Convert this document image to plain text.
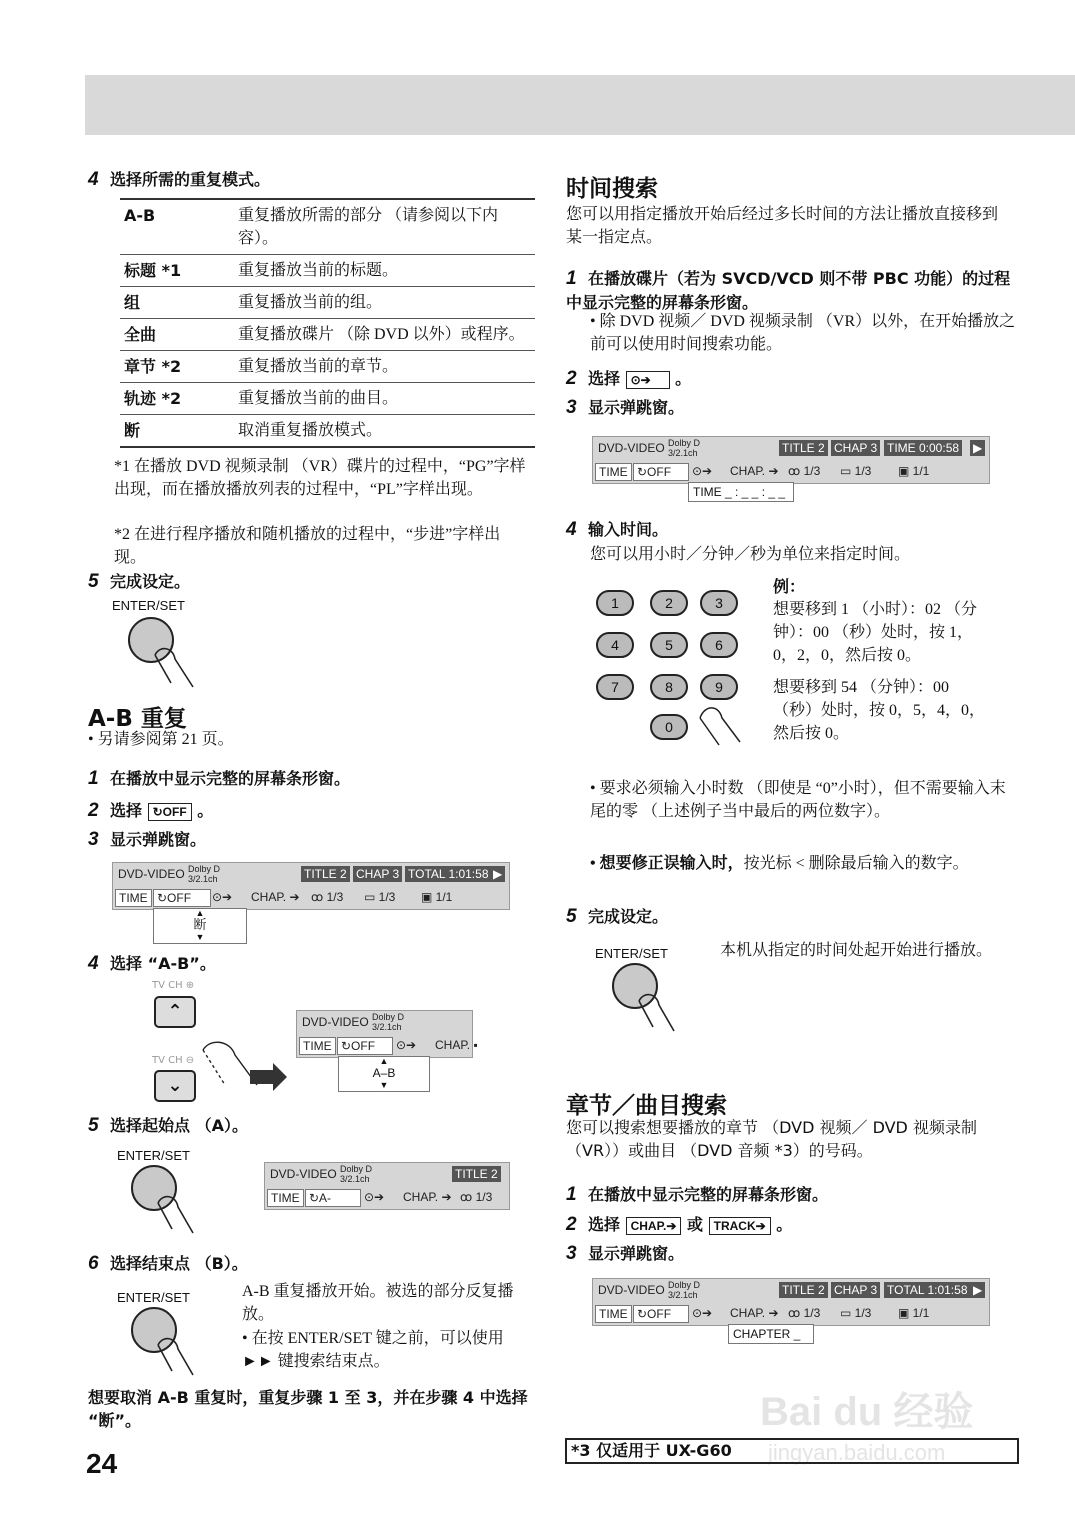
4 选择所需的重复模式。
A-B	重复播放所需的部分 （请参阅以下内容）。
标题 *1	重复播放当前的标题。
组	重复播放当前的组。
全曲	重复播放碟片 （除 DVD 以外）或程序。
章节 *2	重复播放当前的章节。
轨迹 *2	重复播放当前的曲目。
断	取消重复播放模式。
*1 在播放 DVD 视频录制 （VR）碟片的过程中，“PG”字样出现，而在播放播放列表的过程中，“PL”字样出现。
*2 在进行程序播放和随机播放的过程中，“步进”字样出现。
5 完成设定。
ENTER/SET
A-B 重复
• 另请参阅第 21 页。
1 在播放中显示完整的屏幕条形窗。
2 选择 ↻OFF 。
3 显示弹跳窗。
DVD-VIDEO Dolby D
3/2.1ch	TITLE 2 CHAP 3 TOTAL 1:01:58 ▶
TIME ↻OFF	⊙➔ CHAP. ➔ ꝏ 1/3 ▭ 1/3 ▣ 1/1
▲
断
▼
4 选择 “A-B”。
TV CH ⊕
⌃
TV CH ⊖
⌄
DVD-VIDEO Dolby D
3/2.1ch
TIME ↻OFF	⊙➔ CHAP. ▪
▲
A–B
▼
5 选择起始点 （A）。
ENTER/SET
DVD-VIDEO Dolby D
3/2.1ch	TITLE 2
TIME ↻A-	⊙➔ CHAP. ➔ ꝏ 1/3
6 选择结束点 （B）。
ENTER/SET	A-B 重复播放开始。被选的部分反复播放。
• 在按 ENTER/SET 键之前，可以使用 ►► 键搜索结束点。
想要取消 A-B 重复时，重复步骤 1 至 3，并在步骤 4 中选择 “断”。
24
时间搜索
您可以用指定播放开始后经过多长时间的方法让播放直接移到某一指定点。
1 在播放碟片（若为 SVCD/VCD 则不带 PBC 功能）的过程中显示完整的屏幕条形窗。
• 除 DVD 视频／ DVD 视频录制 （VR）以外，在开始播放之前可以使用时间搜索功能。
2 选择 ⊙➔ 。
3 显示弹跳窗。
DVD-VIDEO Dolby D
3/2.1ch	TITLE 2 CHAP 3 TIME 0:00:58 ▶
TIME ↻OFF	⊙➔ CHAP. ➔ ꝏ 1/3 ▭ 1/3 ▣ 1/1
TIME _ : _ _ : _ _
4 输入时间。
您可以用小时／分钟／秒为单位来指定时间。
1	2	3
4	5	6
7	8	9
0
例：
想要移到 1 （小时）：02 （分钟）：00 （秒）处时，按 1，0，2，0，然后按 0。
想要移到 54 （分钟）：00 （秒）处时，按 0，5，4，0，然后按 0。
• 要求必须输入小时数 （即使是 “0”小时），但不需要输入末尾的零 （上述例子当中最后的两位数字）。
• 想要修正误输入时，按光标 < 删除最后输入的数字。
5 完成设定。
ENTER/SET	本机从指定的时间处起开始进行播放。
章节／曲目搜索
您可以搜索想要播放的章节 （DVD 视频／ DVD 视频录制 （VR））或曲目 （DVD 音频 *3）的号码。
1 在播放中显示完整的屏幕条形窗。
2 选择 CHAP.➔ 或 TRACK➔ 。
3 显示弹跳窗。
DVD-VIDEO Dolby D
3/2.1ch	TITLE 2 CHAP 3 TOTAL 1:01:58 ▶
TIME ↻OFF	⊙➔ CHAP. ➔ ꝏ 1/3 ▭ 1/3 ▣ 1/1
CHAPTER _
Bai du 经验
jingyan.baidu.com
*3 仅适用于 UX-G60
